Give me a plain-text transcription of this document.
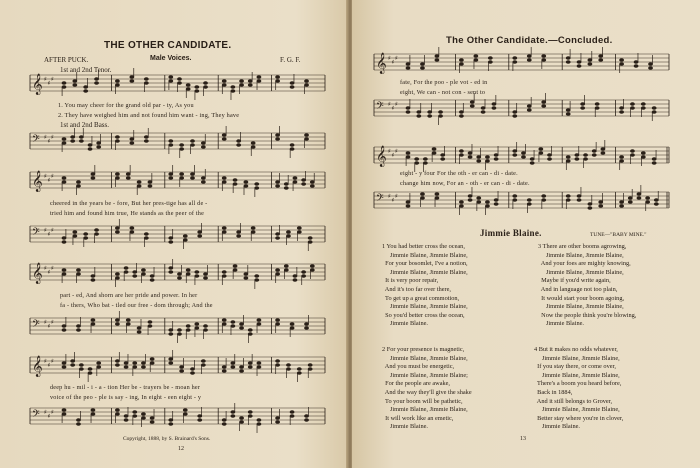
THE OTHER CANDIDATE.
AFTER PUCK.	Male Voices.	F. G. F.
1st and 2nd Tenor.
𝄞 ♯
♯
♯
1. You may cheer for the grand old par - ty, As you
2. They have weighed him and not found him want - ing, They have
1st and 2nd Bass.
𝄢 ♯
♯
♯
𝄞 ♯
♯
♯
cheered in the years be - fore, But her pres-tige has all de -
tried him and found him true, He stands as the peer of the
𝄢 ♯
♯
♯
𝄞 ♯
♯
♯
part - ed, And shorn are her pride and power. In her
fa - thers, Who bat - tled our free - dom through; And the
𝄢 ♯
♯
♯
𝄞 ♯
♯
♯
deep hu - mil - i - a - tion Her be - trayers be - moan her
voice of the peo - ple is say - ing, In eight - een eight - y
𝄢 ♯
♯
♯
Copyright, 1888, by S. Brainard's Sons.
12
The Other Candidate.—Concluded.
𝄞 ♯
♯
♯
fate, For the poo - ple vot - ed in
eight, We can - not con - sent to
𝄢 ♯
♯
♯
𝄞 ♯
♯
♯
eight - y four For the oth - er can - di - date.
change him now, For an - oth - er can - di - date.
𝄢 ♯
♯
♯
Jimmie Blaine.	TUNE—"BABY MINE."
1 You had better cross the ocean,
Jimmie Blaine, Jimmie Blaine,
For your bosomlet, I've a notion,
Jimmie Blaine, Jimmie Blaine,
It is very poor repair,
And it's too far over there,
To get up a great commotion,
Jimmie Blaine, Jimmie Blaine,
So you'd better cross the ocean,
Jimmie Blaine.
3 There are other booms agrowing,
Jimmie Blaine, Jimmie Blaine,
And your foes are mighty knowing,
Jimmie Blaine, Jimmie Blaine,
Maybe if you'd write again,
And in language not too plain,
It would start your boom agoing,
Jimmie Blaine, Jimmie Blaine,
Now the people think you're blowing,
Jimmie Blaine.
2 For your presence is magnetic,
Jimmie Blaine, Jimmie Blaine,
And you must be energetic,
Jimmie Blaine, Jimmie Blaine;
For the people are awake,
And the way they'll give the shake
To your boom will be pathetic,
Jimmie Blaine, Jimmie Blaine,
It will work like an emetic,
Jimmie Blaine.
4 But it makes no odds whatever,
Jimmie Blaine, Jimmie Blaine,
If you stay there, or come over,
Jimmie Blaine, Jimmie Blaine,
There's a boom you heard before,
Back in 1884,
And it still belongs to Grover,
Jimmie Blaine, Jimmie Blaine,
Better stay where you're in clover,
Jimmie Blaine.
13
